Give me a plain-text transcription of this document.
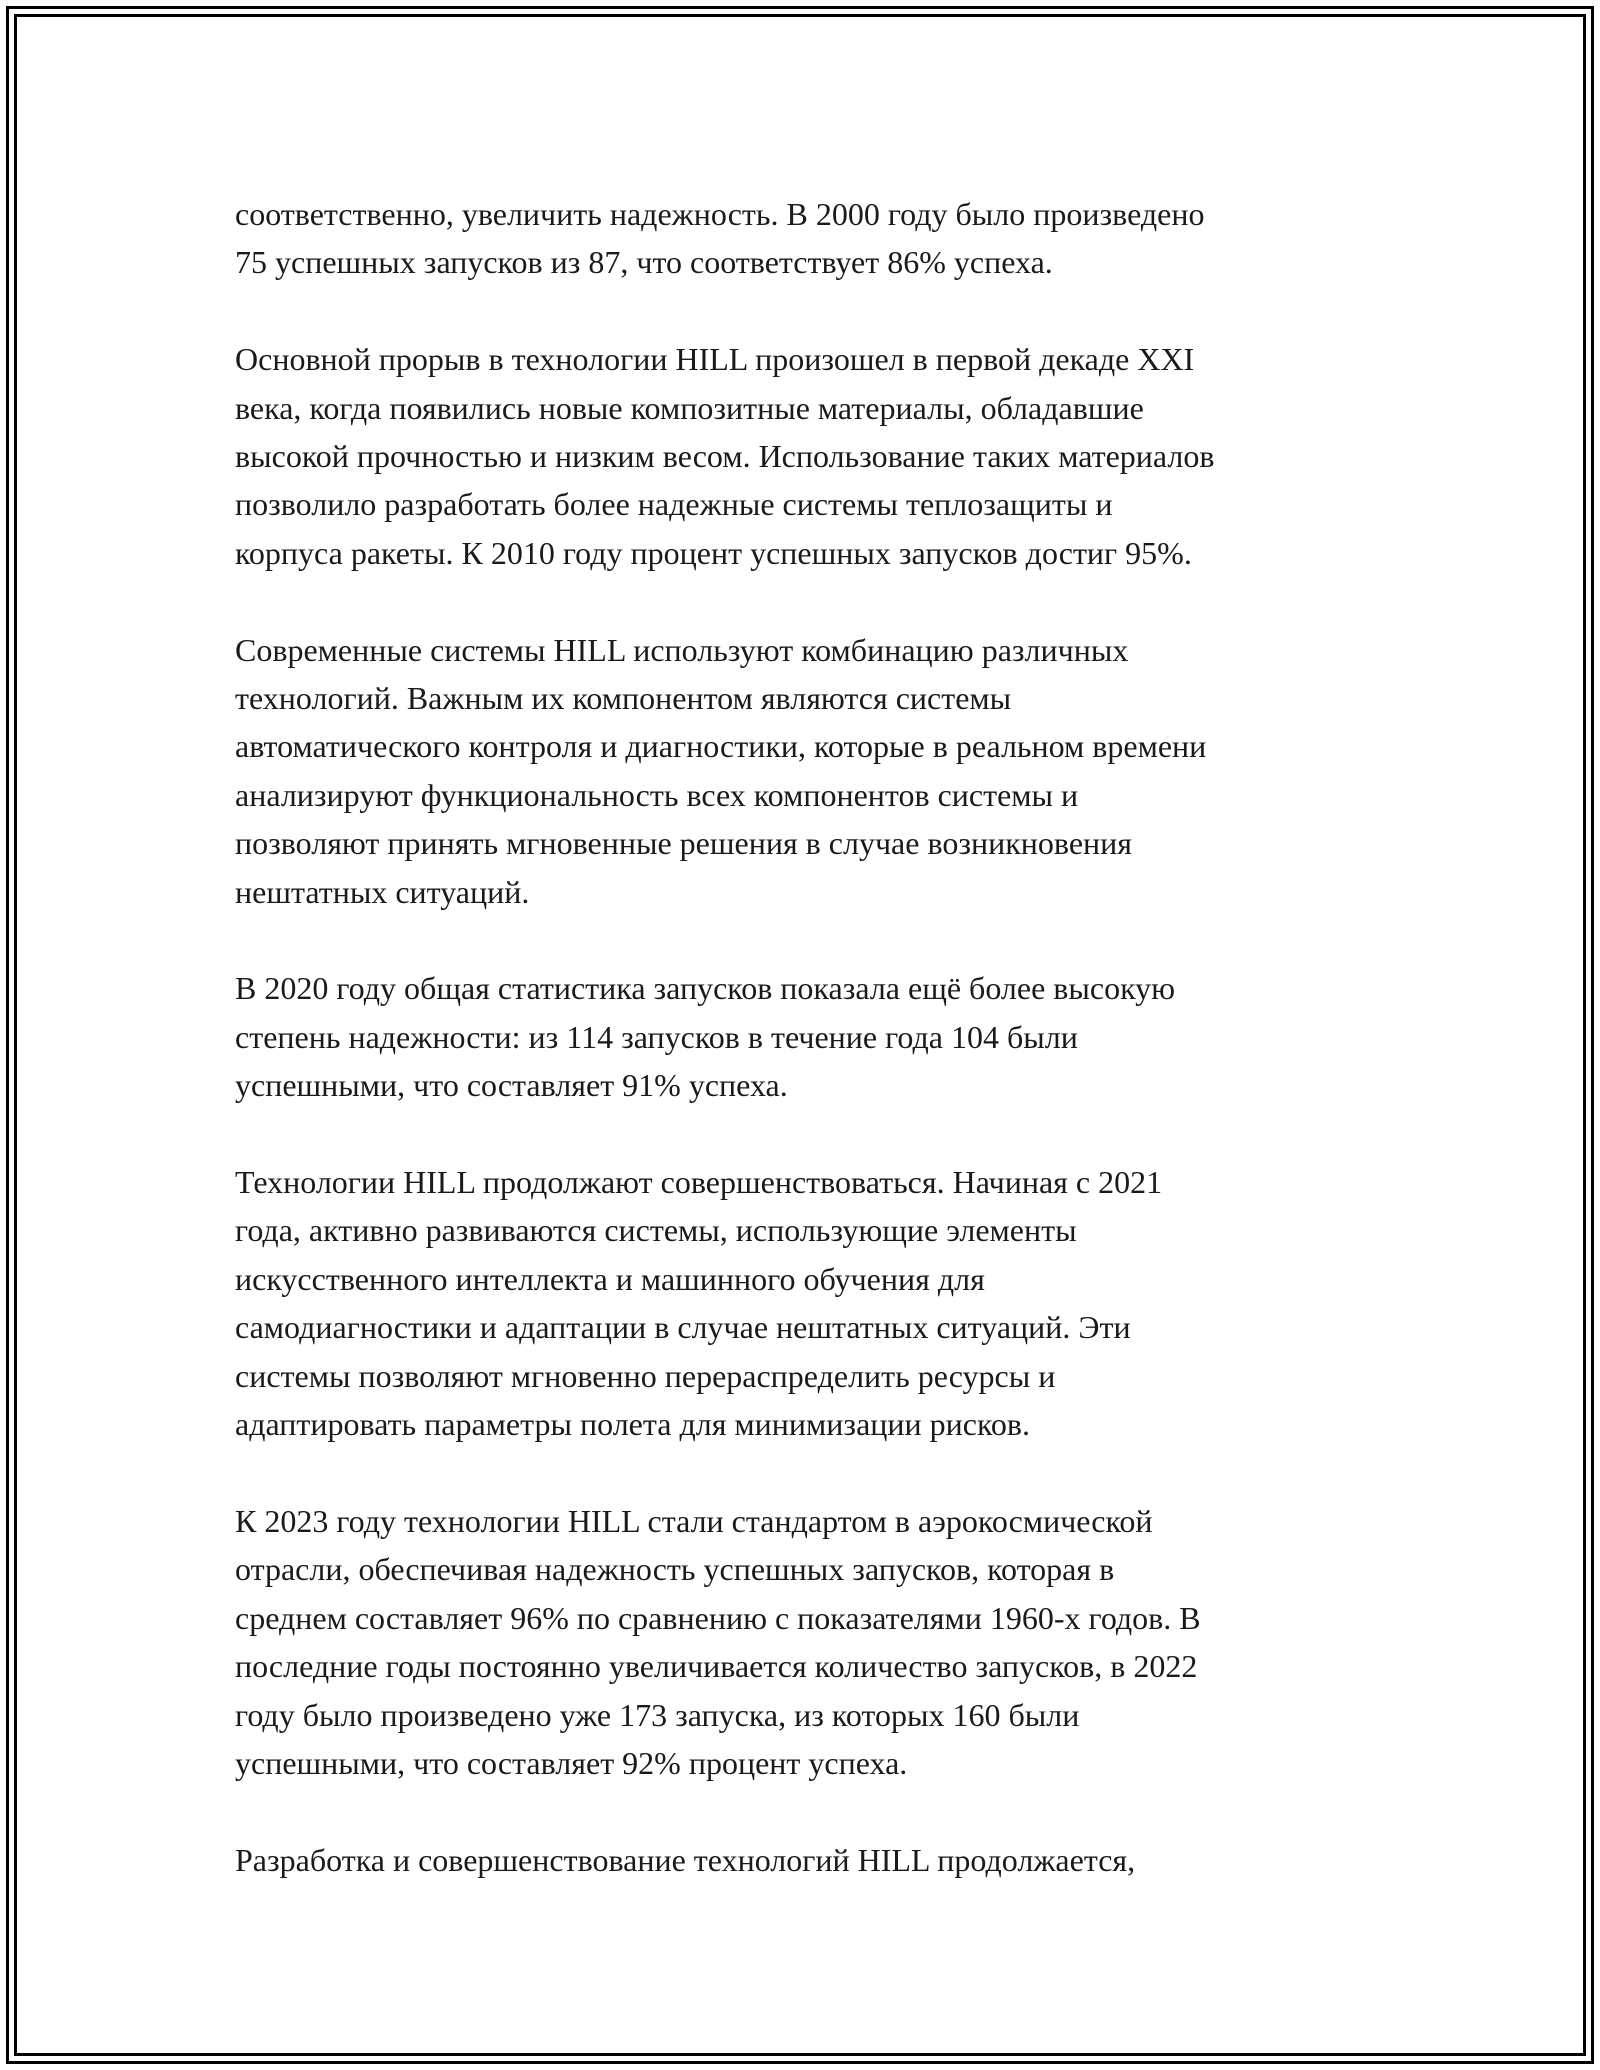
соответственно, увеличить надежность. В 2000 году было произведено
75 успешных запусков из 87, что соответствует 86% успеха.

Основной прорыв в технологии HILL произошел в первой декаде XXI
века, когда появились новые композитные материалы, обладавшие
высокой прочностью и низким весом. Использование таких материалов
позволило разработать более надежные системы теплозащиты и
корпуса ракеты. К 2010 году процент успешных запусков достиг 95%.

Современные системы HILL используют комбинацию различных
технологий. Важным их компонентом являются системы
автоматического контроля и диагностики, которые в реальном времени
анализируют функциональность всех компонентов системы и
позволяют принять мгновенные решения в случае возникновения
нештатных ситуаций.

В 2020 году общая статистика запусков показала ещё более высокую
степень надежности: из 114 запусков в течение года 104 были
успешными, что составляет 91% успеха.

Технологии HILL продолжают совершенствоваться. Начиная с 2021
года, активно развиваются системы, использующие элементы
искусственного интеллекта и машинного обучения для
самодиагностики и адаптации в случае нештатных ситуаций. Эти
системы позволяют мгновенно перераспределить ресурсы и
адаптировать параметры полета для минимизации рисков.

К 2023 году технологии HILL стали стандартом в аэрокосмической
отрасли, обеспечивая надежность успешных запусков, которая в
среднем составляет 96% по сравнению с показателями 1960-х годов. В
последние годы постоянно увеличивается количество запусков, в 2022
году было произведено уже 173 запуска, из которых 160 были
успешными, что составляет 92% процент успеха.

Разработка и совершенствование технологий HILL продолжается,
